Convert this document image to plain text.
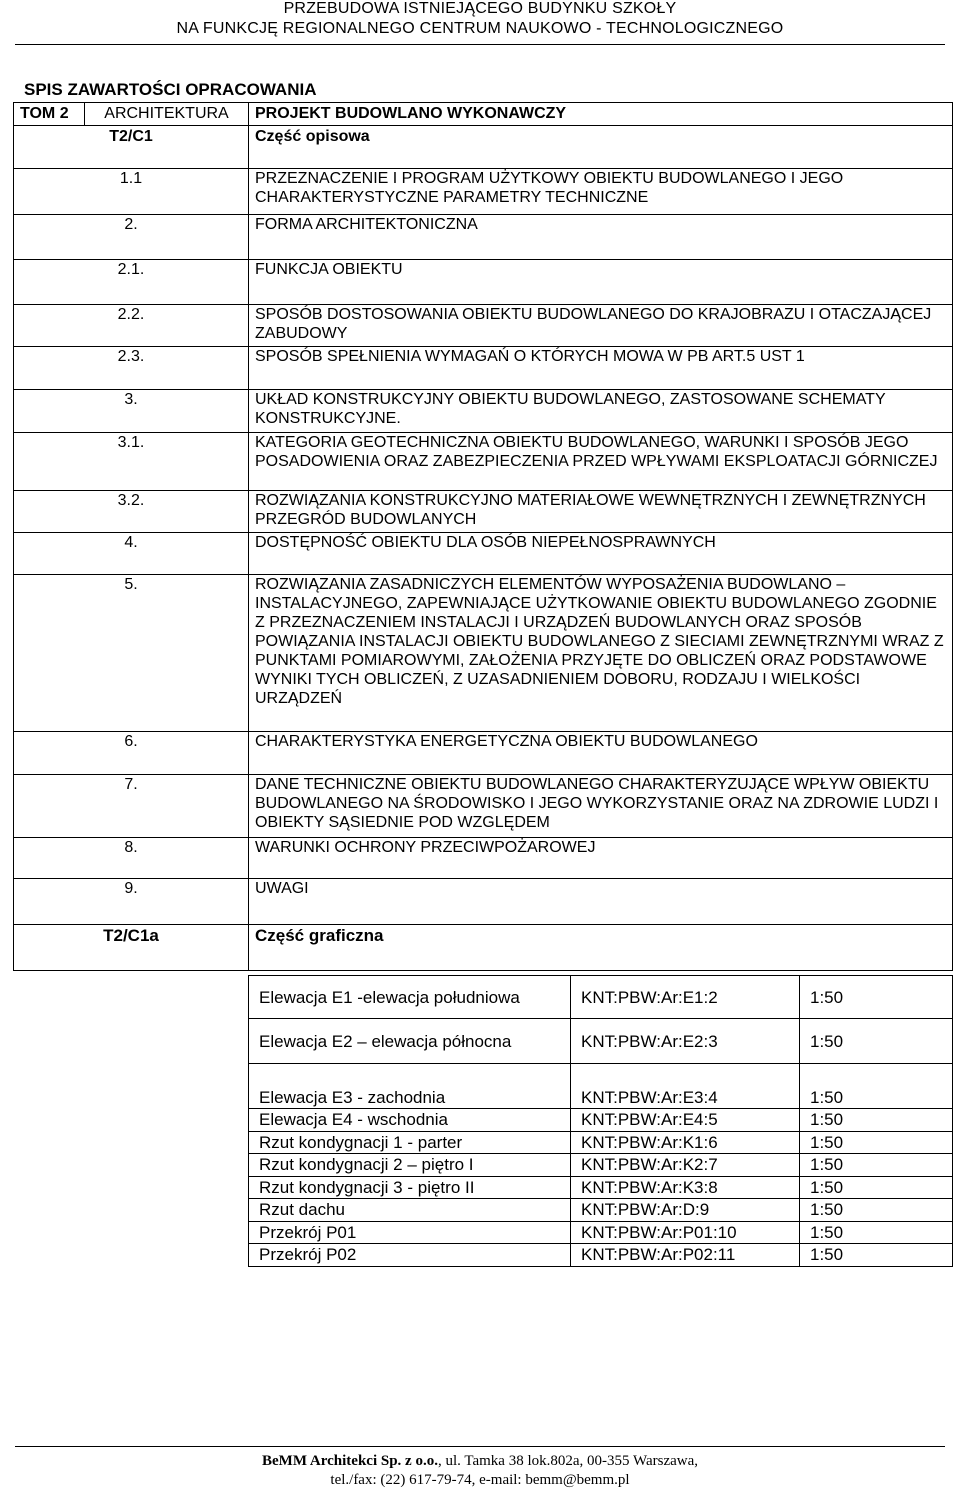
PRZEBUDOWA ISTNIEJĄCEGO BUDYNKU SZKOŁY
NA FUNKCJĘ REGIONALNEGO CENTRUM NAUKOWO - TECHNOLOGICZNEGO
SPIS ZAWARTOŚCI OPRACOWANIA
TOM 2	ARCHITEKTURA	PROJEKT BUDOWLANO WYKONAWCZY
T2/C1		Część opisowa
1.1		PRZEZNACZENIE I PROGRAM UŻYTKOWY OBIEKTU BUDOWLANEGO I JEGO CHARAKTERYSTYCZNE PARAMETRY TECHNICZNE
2.		FORMA ARCHITEKTONICZNA
2.1.		FUNKCJA OBIEKTU
2.2.		SPOSÓB DOSTOSOWANIA OBIEKTU BUDOWLANEGO DO KRAJOBRAZU I OTACZAJĄCEJ ZABUDOWY
2.3.		SPOSÓB SPEŁNIENIA WYMAGAŃ O KTÓRYCH MOWA W PB ART.5 UST 1
3.		UKŁAD KONSTRUKCYJNY OBIEKTU BUDOWLANEGO, ZASTOSOWANE SCHEMATY KONSTRUKCYJNE.
3.1.		KATEGORIA GEOTECHNICZNA OBIEKTU BUDOWLANEGO, WARUNKI I SPOSÓB JEGO POSADOWIENIA ORAZ ZABEZPIECZENIA PRZED WPŁYWAMI EKSPLOATACJI GÓRNICZEJ
3.2.		ROZWIĄZANIA KONSTRUKCYJNO MATERIAŁOWE WEWNĘTRZNYCH I ZEWNĘTRZNYCH PRZEGRÓD BUDOWLANYCH
4.		DOSTĘPNOŚĆ OBIEKTU DLA OSÓB NIEPEŁNOSPRAWNYCH
5.		ROZWIĄZANIA ZASADNICZYCH ELEMENTÓW WYPOSAŻENIA BUDOWLANO – INSTALACYJNEGO, ZAPEWNIAJĄCE UŻYTKOWANIE OBIEKTU BUDOWLANEGO ZGODNIE Z PRZEZNACZENIEM INSTALACJI I URZĄDZEŃ BUDOWLANYCH ORAZ SPOSÓB POWIĄZANIA INSTALACJI OBIEKTU BUDOWLANEGO Z SIECIAMI ZEWNĘTRZNYMI WRAZ Z PUNKTAMI POMIAROWYMI, ZAŁOŻENIA PRZYJĘTE DO OBLICZEŃ ORAZ PODSTAWOWE WYNIKI TYCH OBLICZEŃ, Z UZASADNIENIEM DOBORU, RODZAJU I WIELKOŚCI URZĄDZEŃ
6.		CHARAKTERYSTYKA ENERGETYCZNA OBIEKTU BUDOWLANEGO
7.		DANE TECHNICZNE OBIEKTU BUDOWLANEGO CHARAKTERYZUJĄCE WPŁYW OBIEKTU BUDOWLANEGO NA ŚRODOWISKO I JEGO WYKORZYSTANIE ORAZ NA ZDROWIE LUDZI I OBIEKTY SĄSIEDNIE POD WZGLĘDEM
8.		WARUNKI OCHRONY PRZECIWPOŻAROWEJ
9.		UWAGI
T2/C1a		Część graficzna
Elewacja E1 -elewacja południowa	KNT:PBW:Ar:E1:2	1:50
Elewacja E2 – elewacja północna	KNT:PBW:Ar:E2:3	1:50
Elewacja E3 - zachodnia	KNT:PBW:Ar:E3:4	1:50
Elewacja E4 - wschodnia	KNT:PBW:Ar:E4:5	1:50
Rzut kondygnacji 1 - parter	KNT:PBW:Ar:K1:6	1:50
Rzut kondygnacji 2 – piętro I	KNT:PBW:Ar:K2:7	1:50
Rzut kondygnacji 3 - piętro II	KNT:PBW:Ar:K3:8	1:50
Rzut dachu	KNT:PBW:Ar:D:9	1:50
Przekrój P01	KNT:PBW:Ar:P01:10	1:50
Przekrój P02	KNT:PBW:Ar:P02:11	1:50
BeMM Architekci Sp. z o.o., ul. Tamka 38 lok.802a, 00-355 Warszawa,
tel./fax: (22) 617-79-74, e-mail: bemm@bemm.pl
